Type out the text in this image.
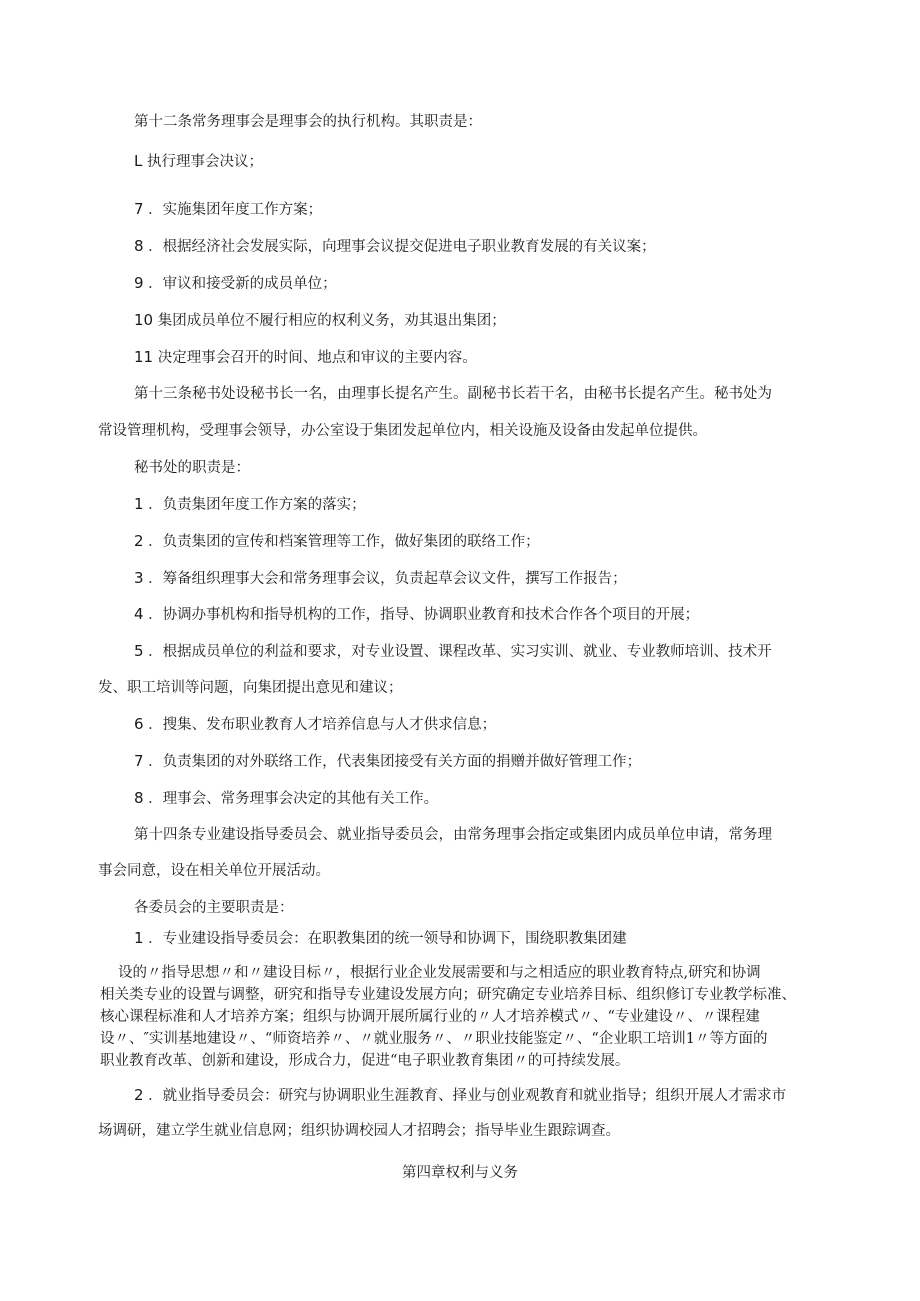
第十二条常务理事会是理事会的执行机构。其职责是：
L 执行理事会决议；
7 ．实施集团年度工作方案；
8 ．根据经济社会发展实际，向理事会议提交促进电子职业教育发展的有关议案；
9 ．审议和接受新的成员单位；
10 集团成员单位不履行相应的权利义务，劝其退出集团；
11 决定理事会召开的时间、地点和审议的主要内容。
第十三条秘书处设秘书长一名，由理事长提名产生。副秘书长若干名，由秘书长提名产生。秘书处为
常设管理机构，受理事会领导，办公室设于集团发起单位内，相关设施及设备由发起单位提供。
秘书处的职责是：
1 ．负责集团年度工作方案的落实；
2 ．负责集团的宣传和档案管理等工作，做好集团的联络工作；
3 ．筹备组织理事大会和常务理事会议，负责起草会议文件，撰写工作报告；
4 ．协调办事机构和指导机构的工作，指导、协调职业教育和技术合作各个项目的开展；
5 ．根据成员单位的利益和要求，对专业设置、课程改革、实习实训、就业、专业教师培训、技术开
发、职工培训等问题，向集团提出意见和建议；
6 ．搜集、发布职业教育人才培养信息与人才供求信息；
7 ．负责集团的对外联络工作，代表集团接受有关方面的捐赠并做好管理工作；
8 ．理事会、常务理事会决定的其他有关工作。
第十四条专业建设指导委员会、就业指导委员会，由常务理事会指定或集团内成员单位申请，常务理
事会同意，设在相关单位开展活动。
各委员会的主要职责是：
1 ．专业建设指导委员会：在职教集团的统一领导和协调下，围绕职教集团建
设的〃指导思想〃和〃建设目标〃，根据行业企业发展需要和与之相适应的职业教育特点,研究和协调
相关类专业的设置与调整，研究和指导专业建设发展方向；研究确定专业培养目标、组织修订专业教学标准、
核心课程标准和人才培养方案；组织与协调开展所属行业的〃人才培养模式〃、“专业建设〃、〃课程建
设〃、″实训基地建设〃、“师资培养〃、〃就业服务〃、〃职业技能鉴定〃、“企业职工培训1〃等方面的
职业教育改革、创新和建设，形成合力，促进“电子职业教育集团〃的可持续发展。
2 ．就业指导委员会：研究与协调职业生涯教育、择业与创业观教育和就业指导；组织开展人才需求市
场调研，建立学生就业信息网；组织协调校园人才招聘会；指导毕业生跟踪调查。
第四章权利与义务
